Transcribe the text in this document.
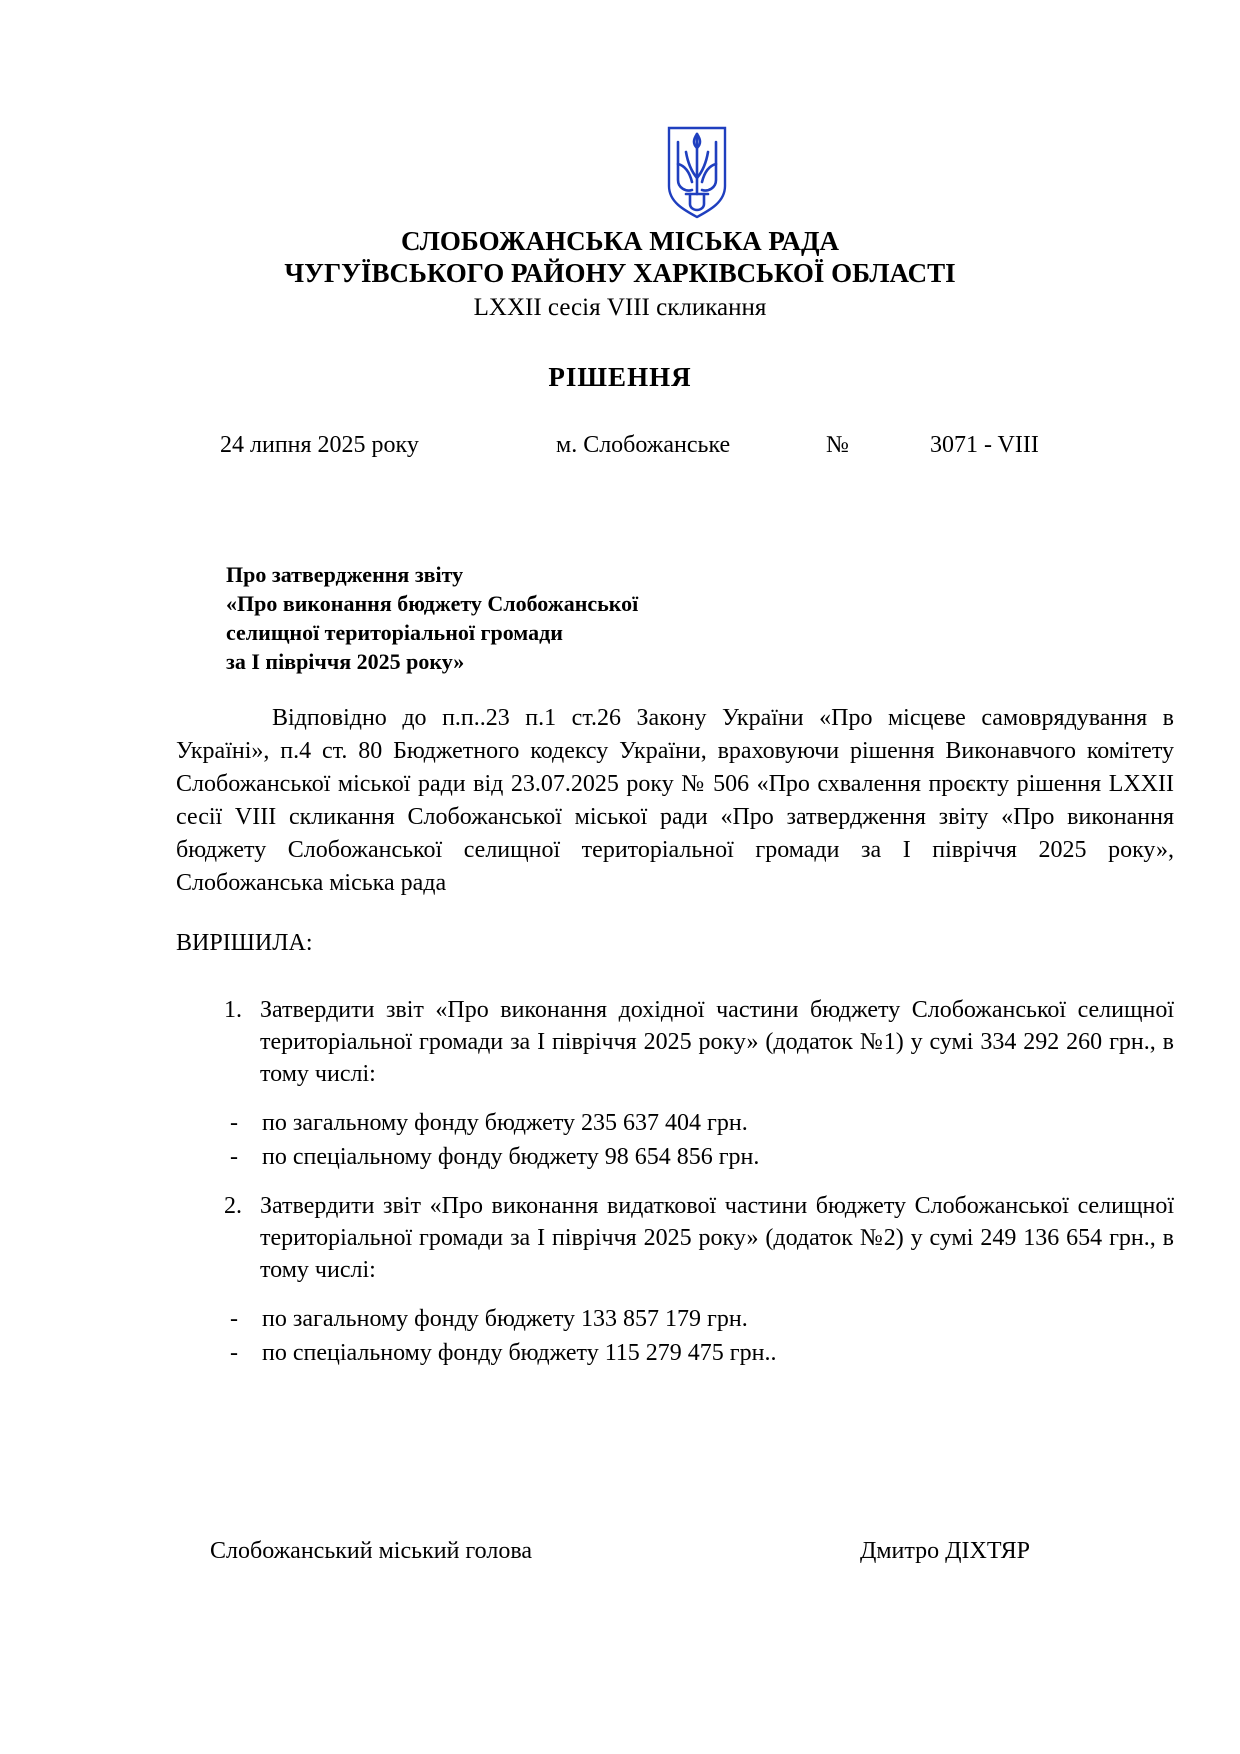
СЛОБОЖАНСЬКА МІСЬКА РАДА
ЧУГУЇВСЬКОГО РАЙОНУ ХАРКІВСЬКОЇ ОБЛАСТІ
LXXII сесія VIII скликання
РІШЕННЯ
24 липня 2025 року	м. Слобожанське	№	3071 - VIII
Про затвердження звіту
«Про виконання бюджету Слобожанської
селищної територіальної громади
за І півріччя 2025 року»
Відповідно до п.п..23 п.1 ст.26 Закону України «Про місцеве самоврядування в Україні», п.4 ст. 80 Бюджетного кодексу України, враховуючи рішення Виконавчого комітету Слобожанської міської ради від 23.07.2025 року № 506 «Про схвалення проєкту рішення LXXII сесії VIII скликання Слобожанської міської ради «Про затвердження звіту «Про виконання бюджету Слобожанської селищної територіальної громади за І півріччя 2025 року», Слобожанська міська рада
ВИРІШИЛА:
1. Затвердити звіт «Про виконання дохідної частини бюджету Слобожанської селищної територіальної громади за І півріччя 2025 року» (додаток №1) у сумі 334 292 260 грн., в тому числі:
- по загальному фонду бюджету 235 637 404 грн.
- по спеціальному фонду бюджету 98 654 856 грн.
2. Затвердити звіт «Про виконання видаткової частини бюджету Слобожанської селищної територіальної громади за І півріччя 2025 року» (додаток №2) у сумі 249 136 654 грн., в тому числі:
- по загальному фонду бюджету 133 857 179 грн.
- по спеціальному фонду бюджету 115 279 475 грн..
Слобожанський міський голова	Дмитро ДІХТЯР
